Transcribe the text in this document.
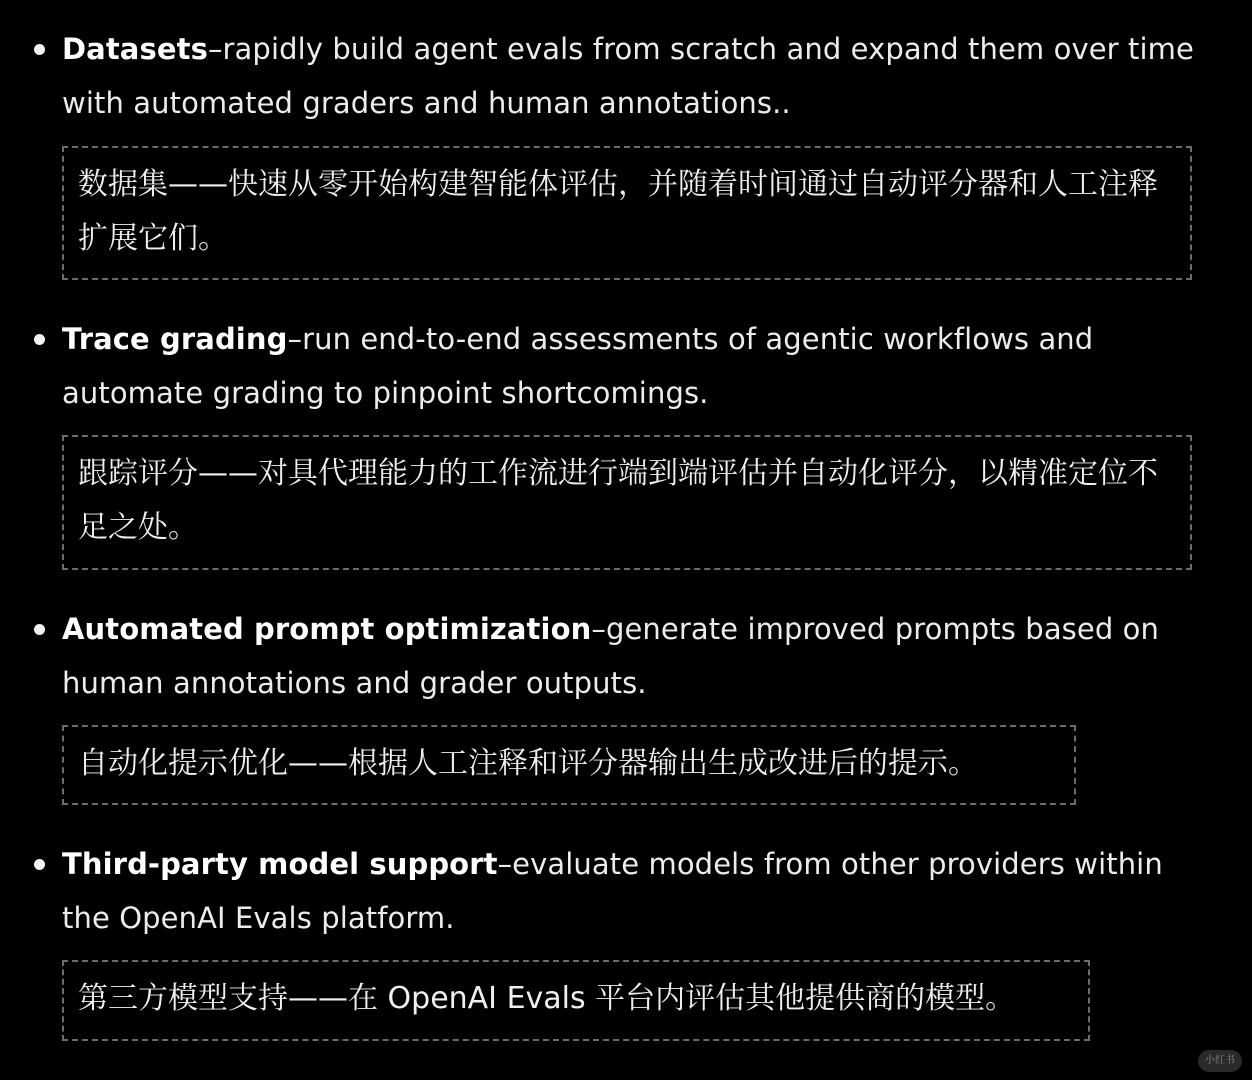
Datasets–rapidly build agent evals from scratch and expand them over time with automated graders and human annotations..
数据集——快速从零开始构建智能体评估，并随着时间通过自动评分器和人工注释扩展它们。
Trace grading–run end-to-end assessments of agentic workflows and automate grading to pinpoint shortcomings.
跟踪评分——对具代理能力的工作流进行端到端评估并自动化评分，以精准定位不足之处。
Automated prompt optimization–generate improved prompts based on human annotations and grader outputs.
自动化提示优化——根据人工注释和评分器输出生成改进后的提示。
Third-party model support–evaluate models from other providers within the OpenAI Evals platform.
第三方模型支持——在 OpenAI Evals 平台内评估其他提供商的模型。
小红书
